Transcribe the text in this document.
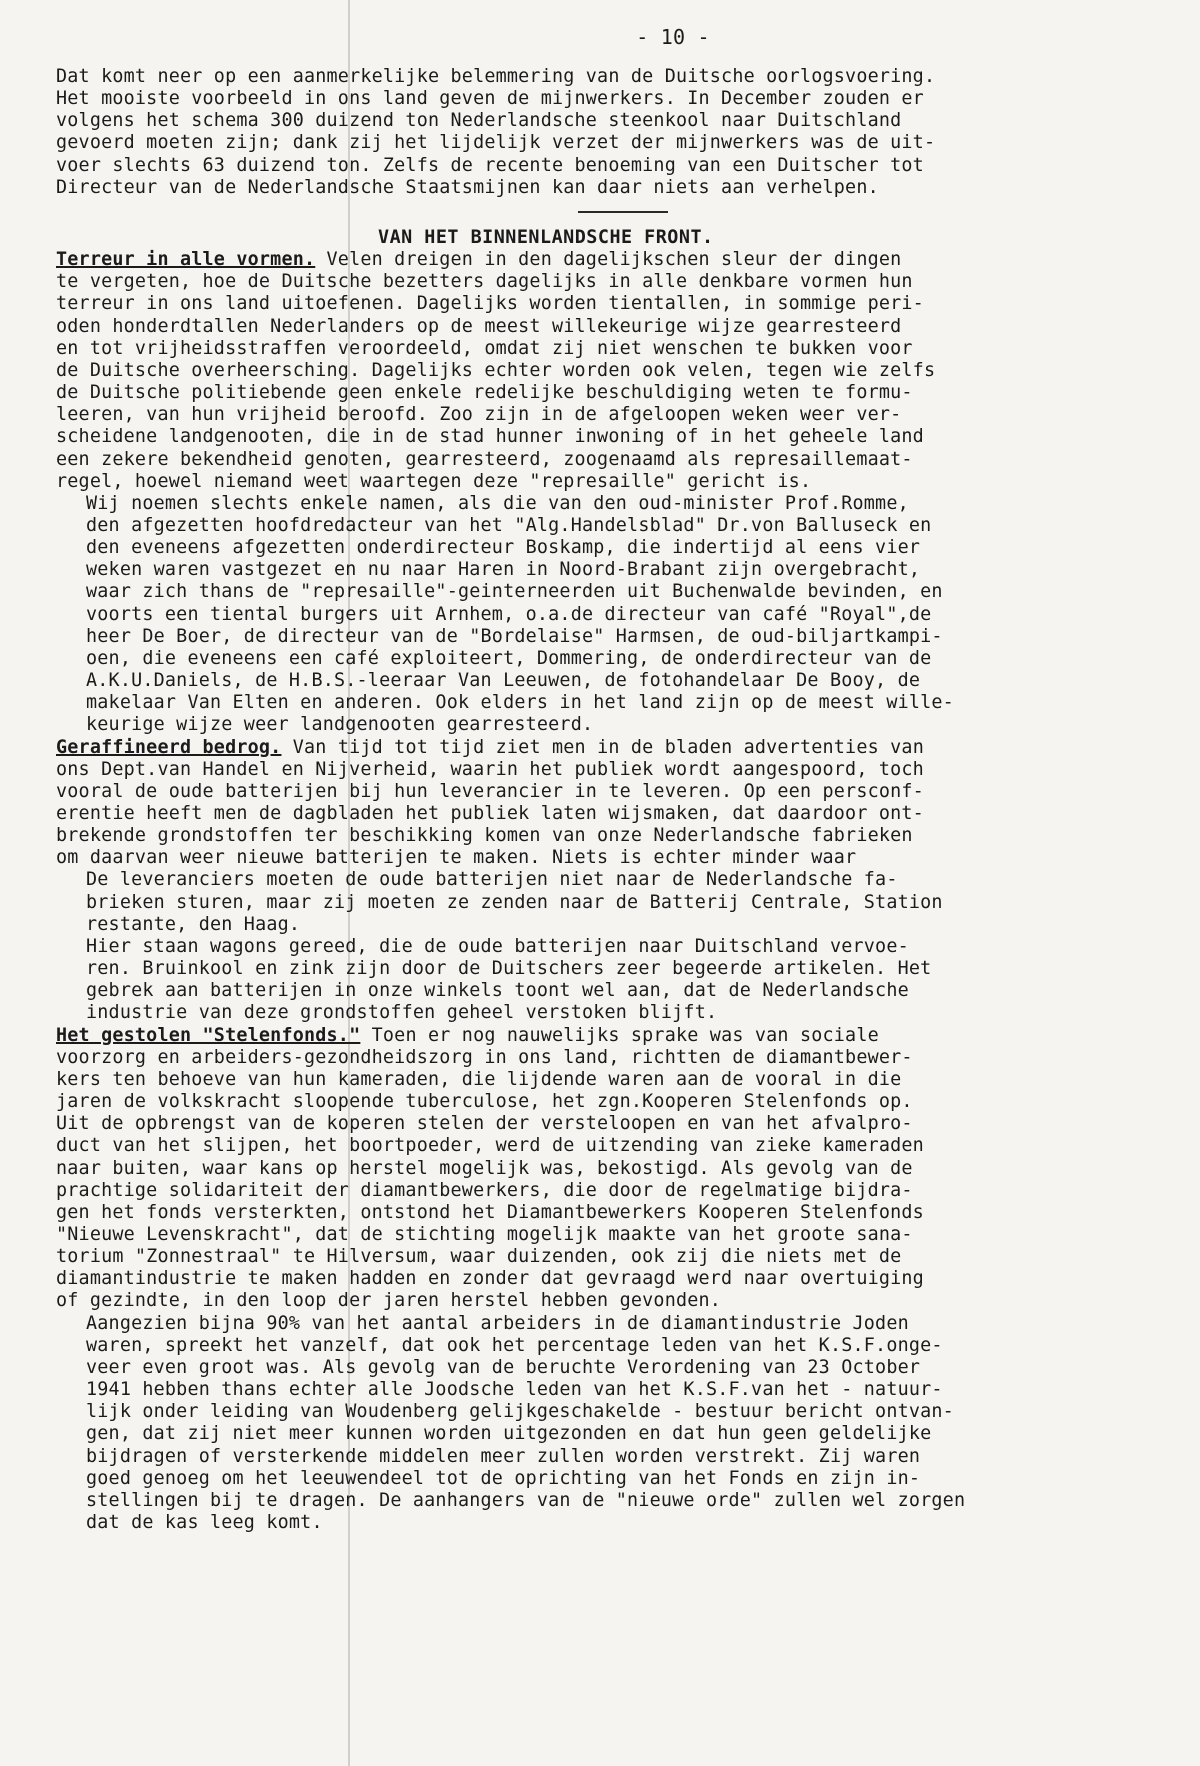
- 10 -

Dat komt neer op een aanmerkelijke belemmering van de Duitsche oorlogsvoering.
Het mooiste voorbeeld in ons land geven de mijnwerkers. In December zouden er
volgens het schema 300 duizend ton Nederlandsche steenkool naar Duitschland
gevoerd moeten zijn; dank zij het lijdelijk verzet der mijnwerkers was de uit-
voer slechts 63 duizend ton. Zelfs de recente benoeming van een Duitscher tot
Directeur van de Nederlandsche Staatsmijnen kan daar niets aan verhelpen.

VAN HET BINNENLANDSCHE FRONT.

Terreur in alle vormen. Velen dreigen in den dagelijkschen sleur der dingen
te vergeten, hoe de Duitsche bezetters dagelijks in alle denkbare vormen hun
terreur in ons land uitoefenen. Dagelijks worden tientallen, in sommige peri-
oden honderdtallen Nederlanders op de meest willekeurige wijze gearresteerd
en tot vrijheidsstraffen veroordeeld, omdat zij niet wenschen te bukken voor
de Duitsche overheersching. Dagelijks echter worden ook velen, tegen wie zelfs
de Duitsche politiebende geen enkele redelijke beschuldiging weten te formu-
leeren, van hun vrijheid beroofd. Zoo zijn in de afgeloopen weken weer ver-
scheidene landgenooten, die in de stad hunner inwoning of in het geheele land
een zekere bekendheid genoten, gearresteerd, zoogenaamd als represaillemaat-
regel, hoewel niemand weet waartegen deze "represaille" gericht is.

Wij noemen slechts enkele namen, als die van den oud-minister Prof.Romme,
den afgezetten hoofdredacteur van het "Alg.Handelsblad" Dr.von Balluseck en
den eveneens afgezetten onderdirecteur Boskamp, die indertijd al eens vier
weken waren vastgezet en nu naar Haren in Noord-Brabant zijn overgebracht,
waar zich thans de "represaille"-geinterneerden uit Buchenwalde bevinden, en
voorts een tiental burgers uit Arnhem, o.a.de directeur van café "Royal",de
heer De Boer, de directeur van de "Bordelaise" Harmsen, de oud-biljartkampi-
oen, die eveneens een café exploiteert, Dommering, de onderdirecteur van de
A.K.U.Daniels, de H.B.S.-leeraar Van Leeuwen, de fotohandelaar De Booy, de
makelaar Van Elten en anderen. Ook elders in het land zijn op de meest wille-
keurige wijze weer landgenooten gearresteerd.

Geraffineerd bedrog. Van tijd tot tijd ziet men in de bladen advertenties van
ons Dept.van Handel en Nijverheid, waarin het publiek wordt aangespoord, toch
vooral de oude batterijen bij hun leverancier in te leveren. Op een persconf-
erentie heeft men de dagbladen het publiek laten wijsmaken, dat daardoor ont-
brekende grondstoffen ter beschikking komen van onze Nederlandsche fabrieken
om daarvan weer nieuwe batterijen te maken. Niets is echter minder waar

De leveranciers moeten de oude batterijen niet naar de Nederlandsche fa-
brieken sturen, maar zij moeten ze zenden naar de Batterij Centrale, Station
restante, den Haag.

Hier staan wagons gereed, die de oude batterijen naar Duitschland vervoe-
ren. Bruinkool en zink zijn door de Duitschers zeer begeerde artikelen. Het
gebrek aan batterijen in onze winkels toont wel aan, dat de Nederlandsche
industrie van deze grondstoffen geheel verstoken blijft.

Het gestolen "Stelenfonds." Toen er nog nauwelijks sprake was van sociale
voorzorg en arbeiders-gezondheidszorg in ons land, richtten de diamantbewer-
kers ten behoeve van hun kameraden, die lijdende waren aan de vooral in die
jaren de volkskracht sloopende tuberculose, het zgn.Kooperen Stelenfonds op.
Uit de opbrengst van de koperen stelen der versteloopen en van het afvalpro-
duct van het slijpen, het boortpoeder, werd de uitzending van zieke kameraden
naar buiten, waar kans op herstel mogelijk was, bekostigd. Als gevolg van de
prachtige solidariteit der diamantbewerkers, die door de regelmatige bijdra-
gen het fonds versterkten, ontstond het Diamantbewerkers Kooperen Stelenfonds
"Nieuwe Levenskracht", dat de stichting mogelijk maakte van het groote sana-
torium "Zonnestraal" te Hilversum, waar duizenden, ook zij die niets met de
diamantindustrie te maken hadden en zonder dat gevraagd werd naar overtuiging
of gezindte, in den loop der jaren herstel hebben gevonden.

Aangezien bijna 90% van het aantal arbeiders in de diamantindustrie Joden
waren, spreekt het vanzelf, dat ook het percentage leden van het K.S.F.onge-
veer even groot was. Als gevolg van de beruchte Verordening van 23 October
1941 hebben thans echter alle Joodsche leden van het K.S.F.van het - natuur-
lijk onder leiding van Woudenberg gelijkgeschakelde - bestuur bericht ontvan-
gen, dat zij niet meer kunnen worden uitgezonden en dat hun geen geldelijke
bijdragen of versterkende middelen meer zullen worden verstrekt. Zij waren
goed genoeg om het leeuwendeel tot de oprichting van het Fonds en zijn in-
stellingen bij te dragen. De aanhangers van de "nieuwe orde" zullen wel zorgen
dat de kas leeg komt.
